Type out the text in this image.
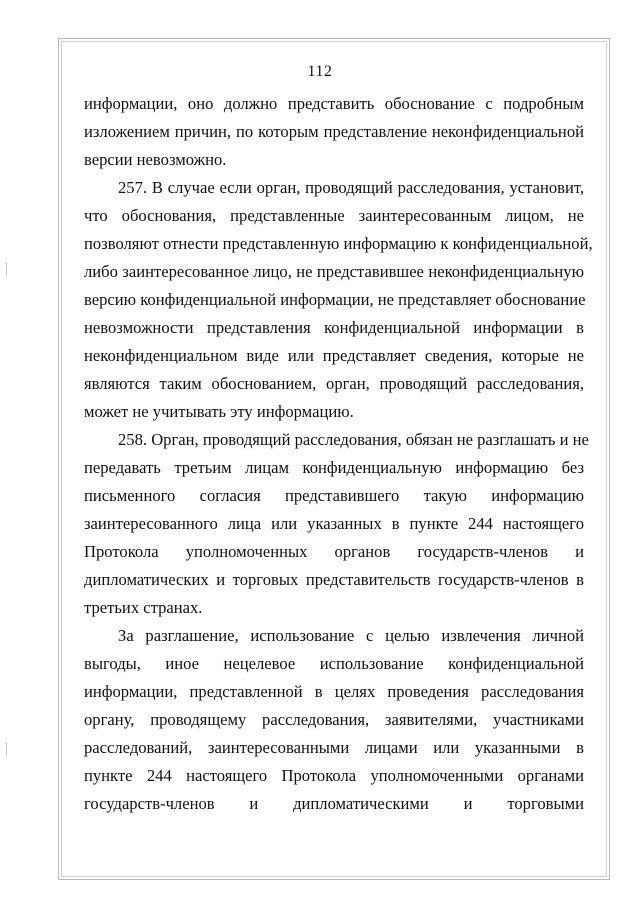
112

информации, оно должно представить обоснование с подробным
изложением причин, по которым представление неконфиденциальной
версии невозможно.

257. В случае если орган, проводящий расследования, установит,
что обоснования, представленные заинтересованным лицом, не
позволяют отнести представленную информацию к конфиденциальной,
либо заинтересованное лицо, не представившее неконфиденциальную
версию конфиденциальной информации, не представляет обоснование
невозможности представления конфиденциальной информации в
неконфиденциальном виде или представляет сведения, которые не
являются таким обоснованием, орган, проводящий расследования,
может не учитывать эту информацию.

258. Орган, проводящий расследования, обязан не разглашать и не
передавать третьим лицам конфиденциальную информацию без
письменного согласия представившего такую информацию
заинтересованного лица или указанных в пункте 244 настоящего
Протокола уполномоченных органов государств-членов и
дипломатических и торговых представительств государств-членов в
третьих странах.

За разглашение, использование с целью извлечения личной
выгоды, иное нецелевое использование конфиденциальной
информации, представленной в целях проведения расследования
органу, проводящему расследования, заявителями, участниками
расследований, заинтересованными лицами или указанными в
пункте 244 настоящего Протокола уполномоченными органами
государств-членов и дипломатическими и торговыми
